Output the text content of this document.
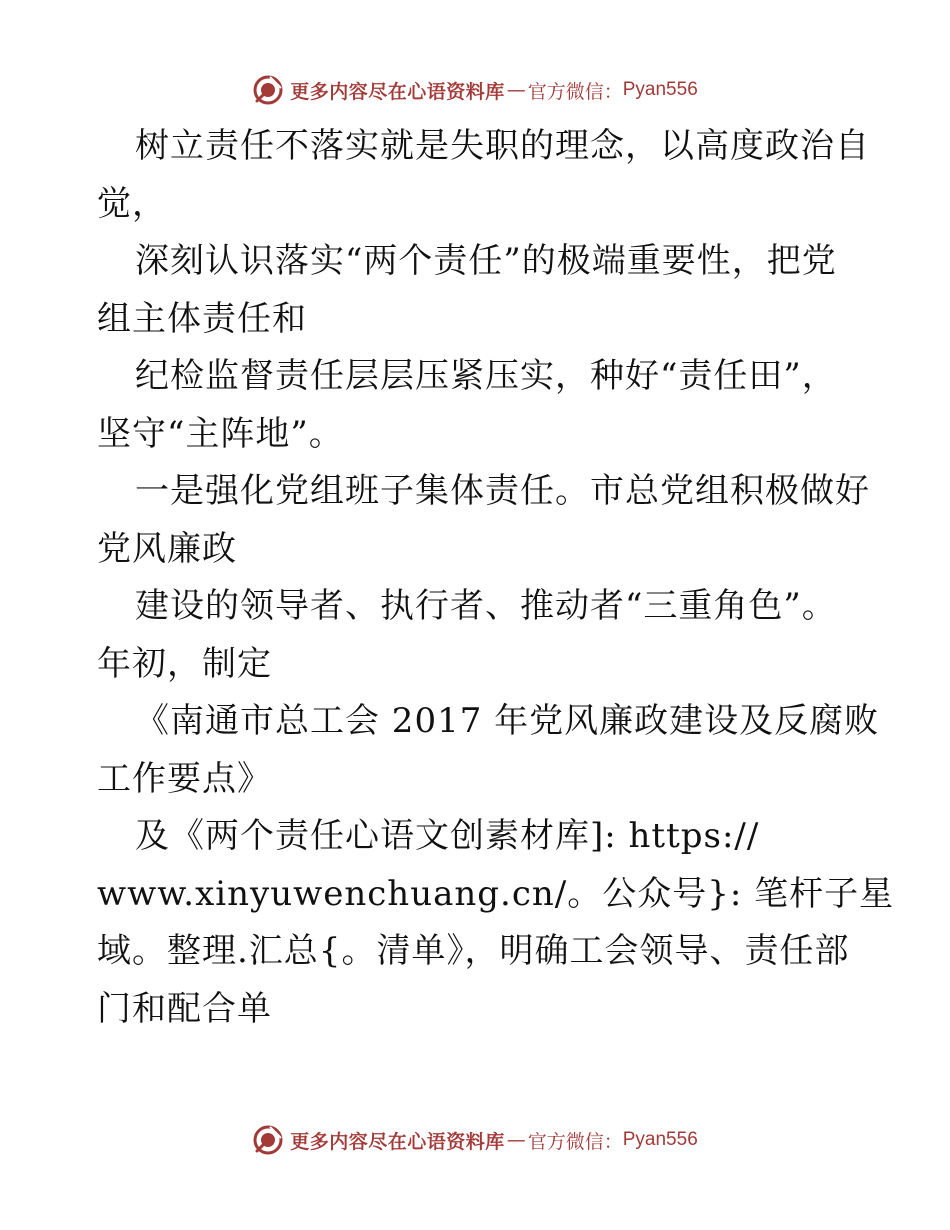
更多内容尽在心语资料库 — 官方微信： Pyan556
树立责任不落实就是失职的理念，以高度政治自
觉，
深刻认识落实“两个责任”的极端重要性，把党
组主体责任和
纪检监督责任层层压紧压实，种好“责任田”，
坚守“主阵地”。
一是强化党组班子集体责任。市总党组积极做好
党风廉政
建设的领导者、执行者、推动者“三重角色”。
年初，制定
《南通市总工会 2017 年党风廉政建设及反腐败
工作要点》
及《两个责任心语文创素材库]: https://
www.xinyuwenchuang.cn/。公众号}: 笔杆子星
域。整理.汇总{。清单》，明确工会领导、责任部
门和配合单
更多内容尽在心语资料库 — 官方微信： Pyan556
